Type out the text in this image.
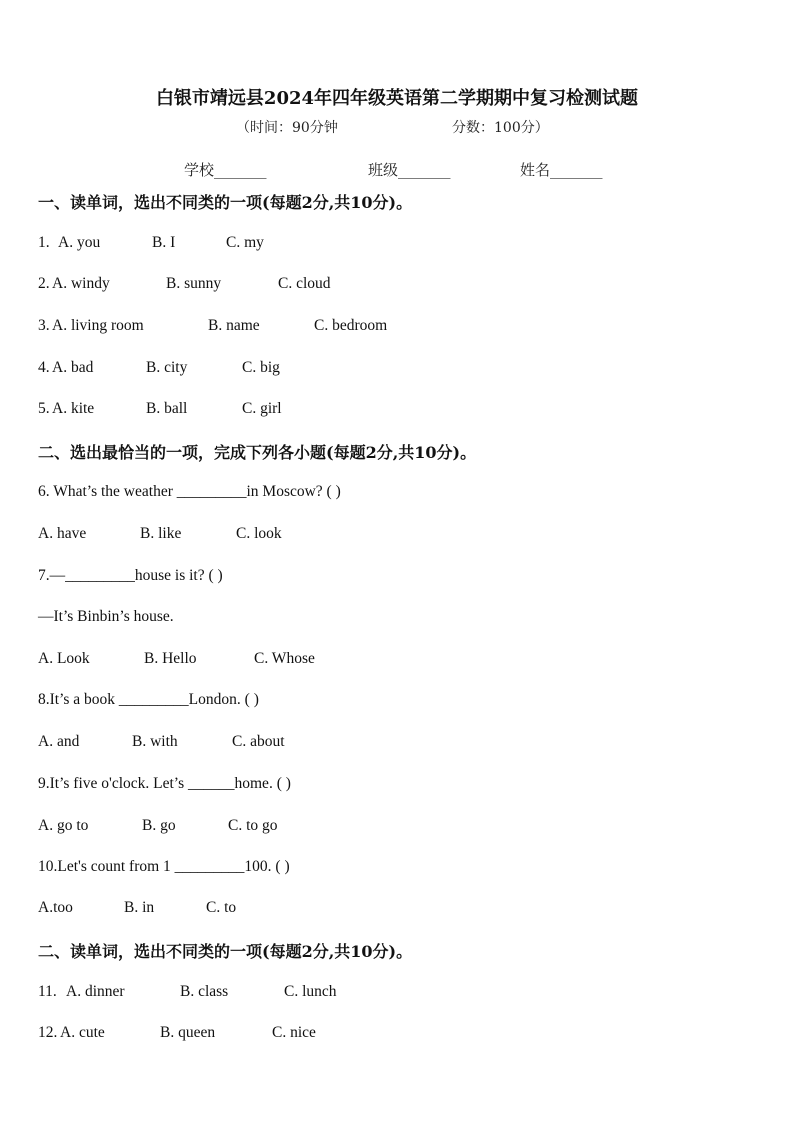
白银市靖远县2024年四年级英语第二学期期中复习检测试题
（时间：90分钟	分数：100分）
学校_______	班级_______	姓名_______
一、读单词，选出不同类的一项(每题2分,共10分)。
1. A. you	B. I	C. my
2. A. windy	B. sunny	C. cloud
3. A. living room	B. name	C. bedroom
4. A. bad	B. city	C. big
5. A. kite	B. ball	C. girl
二、选出最恰当的一项，完成下列各小题(每题2分,共10分)。
6. What’s the weather _________in Moscow? ( )
A. have	B. like	C. look
7.—_________house is it? ( )
—It’s Binbin’s house.
A. Look	B. Hello	C. Whose
8.It’s a book _________London. ( )
A. and	B. with	C. about
9.It’s five o'clock. Let’s ______home. ( )
A. go to	B. go	C. to go
10.Let's count from 1 _________100. ( )
A.too	B. in	C. to
二、读单词，选出不同类的一项(每题2分,共10分)。
11. A. dinner	B. class	C. lunch
12. A. cute	B. queen	C. nice
